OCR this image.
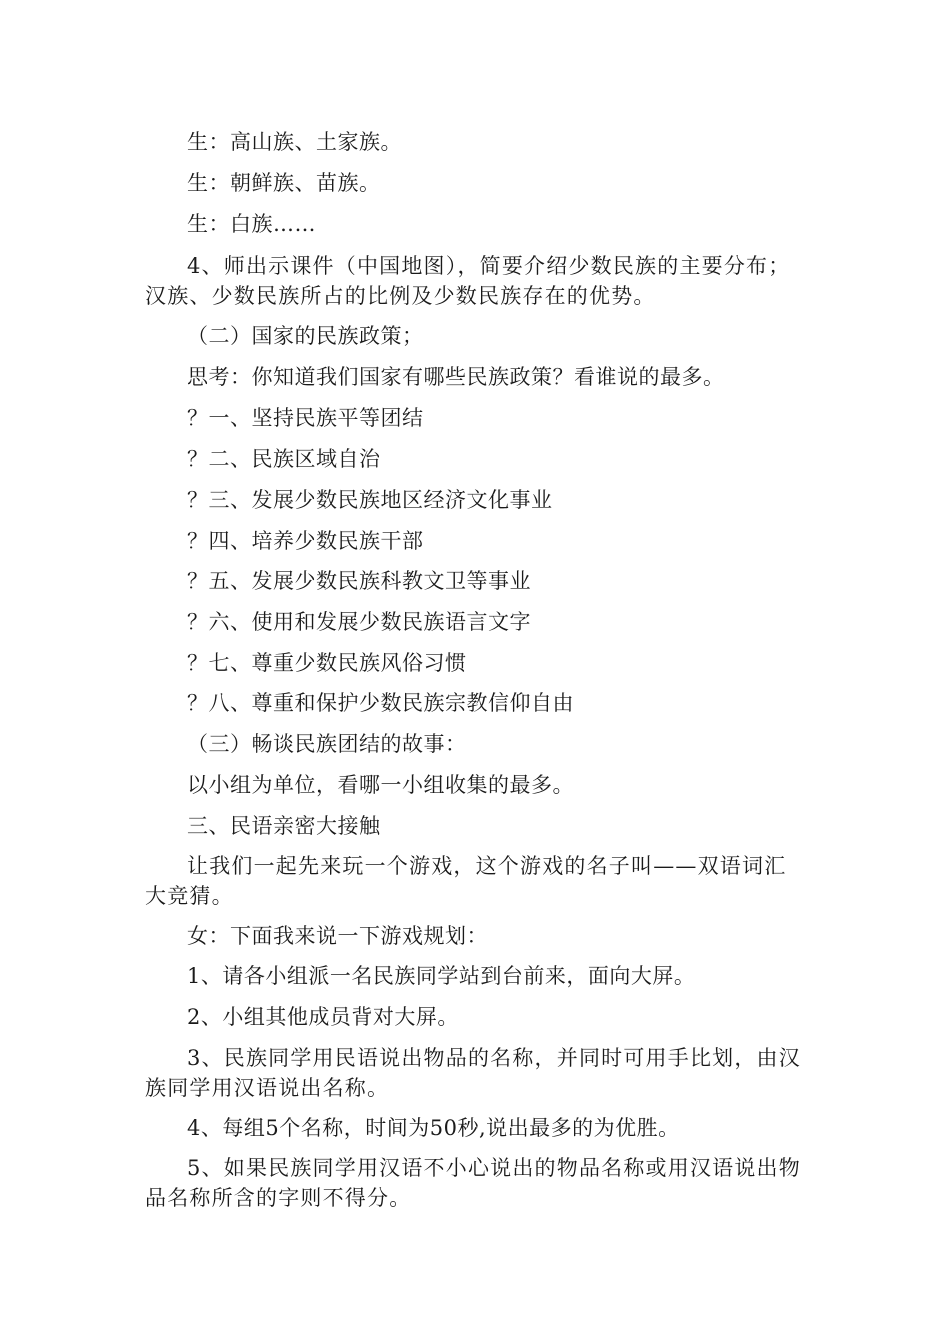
生：高山族、土家族。

生：朝鲜族、苗族。

生：白族……

4、师出示课件（中国地图），简要介绍少数民族的主要分布；汉族、少数民族所占的比例及少数民族存在的优势。

（二）国家的民族政策；

思考：你知道我们国家有哪些民族政策？看谁说的最多。

？一、坚持民族平等团结

？二、民族区域自治

？三、发展少数民族地区经济文化事业

？四、培养少数民族干部

？五、发展少数民族科教文卫等事业

？六、使用和发展少数民族语言文字

？七、尊重少数民族风俗习惯

？八、尊重和保护少数民族宗教信仰自由

（三）畅谈民族团结的故事：

以小组为单位，看哪一小组收集的最多。

三、民语亲密大接触

让我们一起先来玩一个游戏，这个游戏的名子叫——双语词汇大竞猜。

女：下面我来说一下游戏规划：

1、请各小组派一名民族同学站到台前来，面向大屏。

2、小组其他成员背对大屏。

3、民族同学用民语说出物品的名称，并同时可用手比划，由汉族同学用汉语说出名称。

4、每组5个名称，时间为50秒,说出最多的为优胜。

5、如果民族同学用汉语不小心说出的物品名称或用汉语说出物品名称所含的字则不得分。
